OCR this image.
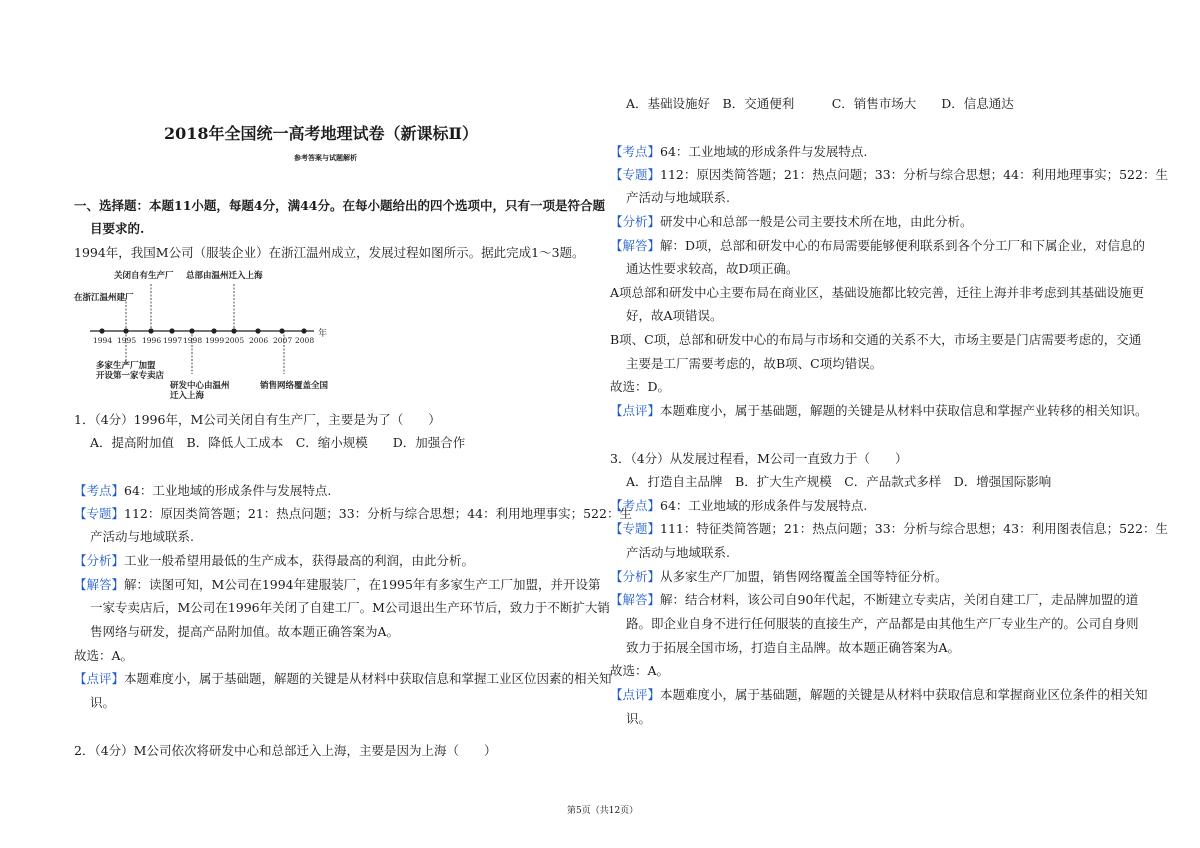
2018年全国统一高考地理试卷（新课标Ⅱ）
参考答案与试题解析
一、选择题：本题11小题，每题4分，满44分。在每小题给出的四个选项中，只有一项是符合题
目要求的.
1994年，我国M公司（服装企业）在浙江温州成立，发展过程如图所示。据此完成1～3题。
1994 1995 1996 1997 1998 1999 2005 2006 2007 2008
年
关闭自有生产厂 总部由温州迁入上海
在浙江温州建厂
多家生产厂加盟
开设第一家专卖店
研发中心由温州
迁入上海
销售网络覆盖全国
1．（4分）1996年，M公司关闭自有生产厂，主要是为了（　　）
A．提高附加值　B．降低人工成本　C．缩小规模　　D．加强合作
【考点】64：工业地域的形成条件与发展特点.
【专题】112：原因类简答题；21：热点问题；33：分析与综合思想；44：利用地理事实；522：生
产活动与地域联系.
【分析】工业一般希望用最低的生产成本，获得最高的利润，由此分析。
【解答】解：读图可知，M公司在1994年建服装厂，在1995年有多家生产工厂加盟，并开设第
一家专卖店后，M公司在1996年关闭了自建工厂。M公司退出生产环节后，致力于不断扩大销
售网络与研发，提高产品附加值。故本题正确答案为A。
故选：A。
【点评】本题难度小，属于基础题，解题的关键是从材料中获取信息和掌握工业区位因素的相关知
识。
2．（4分）M公司依次将研发中心和总部迁入上海，主要是因为上海（　　）
A．基础设施好　B．交通便利　　　C．销售市场大　　D．信息通达
【考点】64：工业地域的形成条件与发展特点.
【专题】112：原因类简答题；21：热点问题；33：分析与综合思想；44：利用地理事实；522：生
产活动与地域联系.
【分析】研发中心和总部一般是公司主要技术所在地，由此分析。
【解答】解：D项，总部和研发中心的布局需要能够便利联系到各个分工厂和下属企业，对信息的
通达性要求较高，故D项正确。
A项总部和研发中心主要布局在商业区，基础设施都比较完善，迁往上海并非考虑到其基础设施更
好，故A项错误。
B项、C项，总部和研发中心的布局与市场和交通的关系不大，市场主要是门店需要考虑的，交通
主要是工厂需要考虑的，故B项、C项均错误。
故选：D。
【点评】本题难度小，属于基础题，解题的关键是从材料中获取信息和掌握产业转移的相关知识。
3．（4分）从发展过程看，M公司一直致力于（　　）
A．打造自主品牌　B．扩大生产规模　C．产品款式多样　D．增强国际影响
【考点】64：工业地域的形成条件与发展特点.
【专题】111：特征类简答题；21：热点问题；33：分析与综合思想；43：利用图表信息；522：生
产活动与地域联系.
【分析】从多家生产厂加盟，销售网络覆盖全国等特征分析。
【解答】解：结合材料，该公司自90年代起，不断建立专卖店，关闭自建工厂，走品牌加盟的道
路。即企业自身不进行任何服装的直接生产，产品都是由其他生产厂专业生产的。公司自身则
致力于拓展全国市场，打造自主品牌。故本题正确答案为A。
故选：A。
【点评】本题难度小，属于基础题，解题的关键是从材料中获取信息和掌握商业区位条件的相关知
识。
第5页（共12页）
